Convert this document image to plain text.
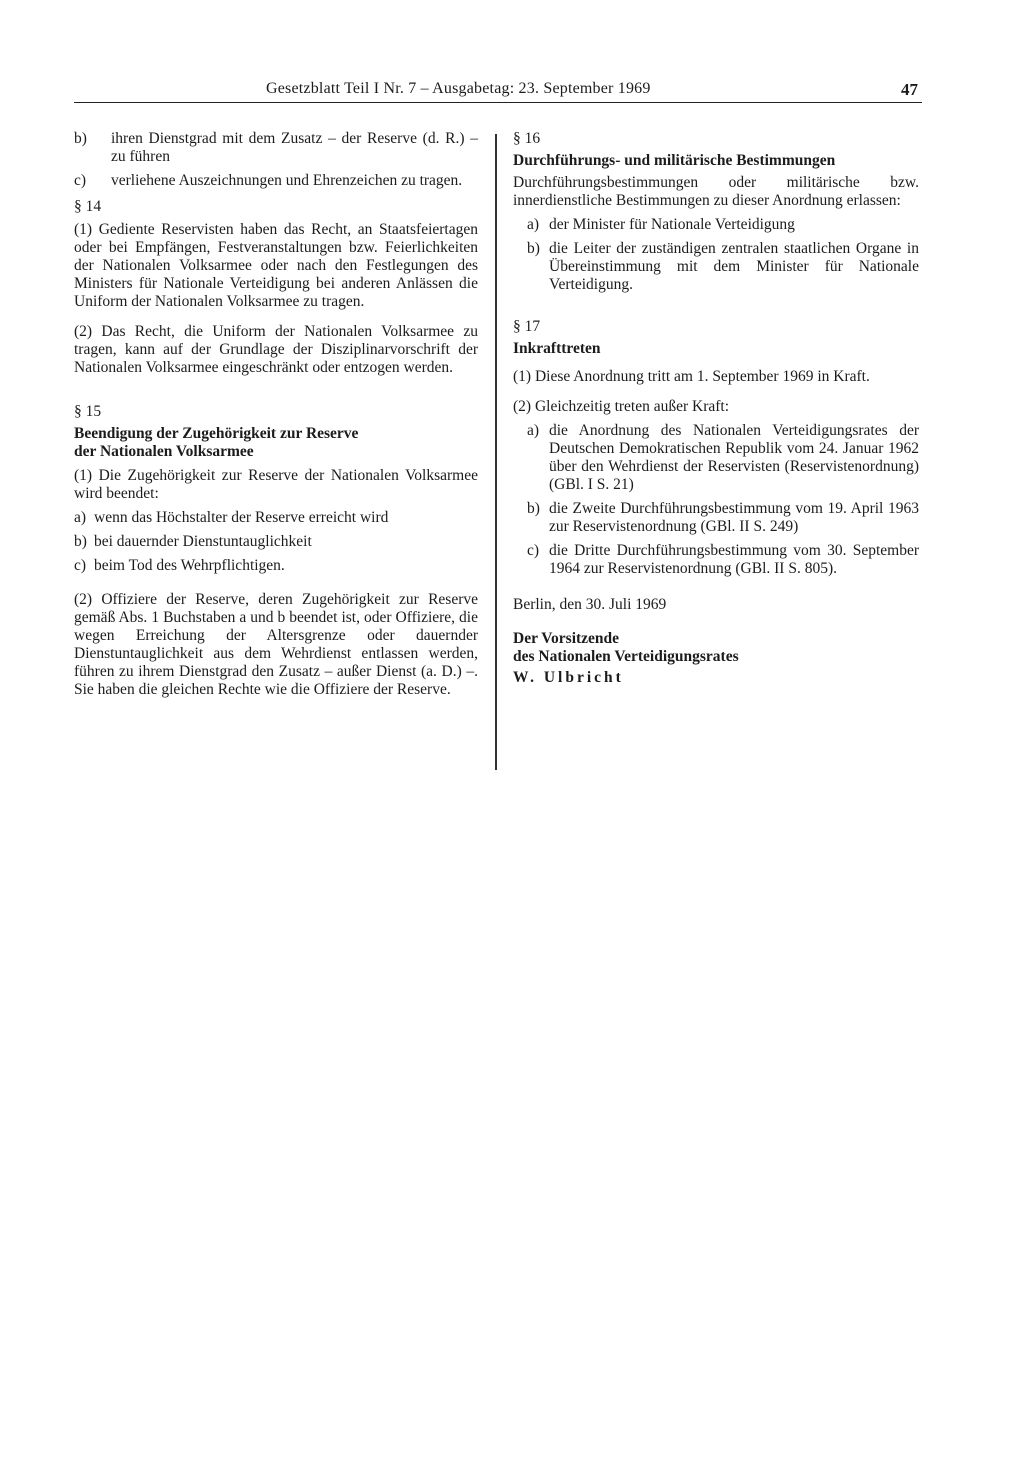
Gesetzblatt Teil I Nr. 7 – Ausgabetag: 23. September 1969	47
b)	ihren Dienstgrad mit dem Zusatz – der Reserve (d. R.) – zu führen
c)	verliehene Auszeichnungen und Ehrenzeichen zu tragen.

§ 14

(1) Gediente Reservisten haben das Recht, an Staatsfeiertagen oder bei Empfängen, Festveranstaltungen bzw. Feierlichkeiten der Nationalen Volksarmee oder nach den Festlegungen des Ministers für Nationale Verteidigung bei anderen Anlässen die Uniform der Nationalen Volksarmee zu tragen.

(2) Das Recht, die Uniform der Nationalen Volksarmee zu tragen, kann auf der Grundlage der Disziplinarvorschrift der Nationalen Volksarmee eingeschränkt oder entzogen werden.

§ 15

Beendigung der Zugehörigkeit zur Reserve

der Nationalen Volksarmee

(1) Die Zugehörigkeit zur Reserve der Nationalen Volksarmee wird beendet:

a) wenn das Höchstalter der Reserve erreicht wird
b) bei dauernder Dienstuntauglichkeit
c) beim Tod des Wehrpflichtigen.

(2) Offiziere der Reserve, deren Zugehörigkeit zur Reserve gemäß Abs. 1 Buchstaben a und b beendet ist, oder Offiziere, die wegen Erreichung der Altersgrenze oder dauernder Dienstuntauglichkeit aus dem Wehrdienst entlassen werden, führen zu ihrem Dienstgrad den Zusatz – außer Dienst (a. D.) –. Sie haben die gleichen Rechte wie die Offiziere der Reserve.

§ 16

Durchführungs- und militärische Bestimmungen

Durchführungsbestimmungen oder militärische bzw. innerdienstliche Bestimmungen zu dieser Anordnung erlassen:

a) der Minister für Nationale Verteidigung
b) die Leiter der zuständigen zentralen staatlichen Organe in Übereinstimmung mit dem Minister für Nationale Verteidigung.

§ 17

Inkrafttreten

(1) Diese Anordnung tritt am 1. September 1969 in Kraft.

(2) Gleichzeitig treten außer Kraft:

a) die Anordnung des Nationalen Verteidigungsrates der Deutschen Demokratischen Republik vom 24. Januar 1962 über den Wehrdienst der Reservisten (Reservistenordnung) (GBl. I S. 21)
b) die Zweite Durchführungsbestimmung vom 19. April 1963 zur Reservistenordnung (GBl. II S. 249)
c) die Dritte Durchführungsbestimmung vom 30. September 1964 zur Reservistenordnung (GBl. II S. 805).

Berlin, den 30. Juli 1969

Der Vorsitzende

des Nationalen Verteidigungsrates

W. Ulbricht
